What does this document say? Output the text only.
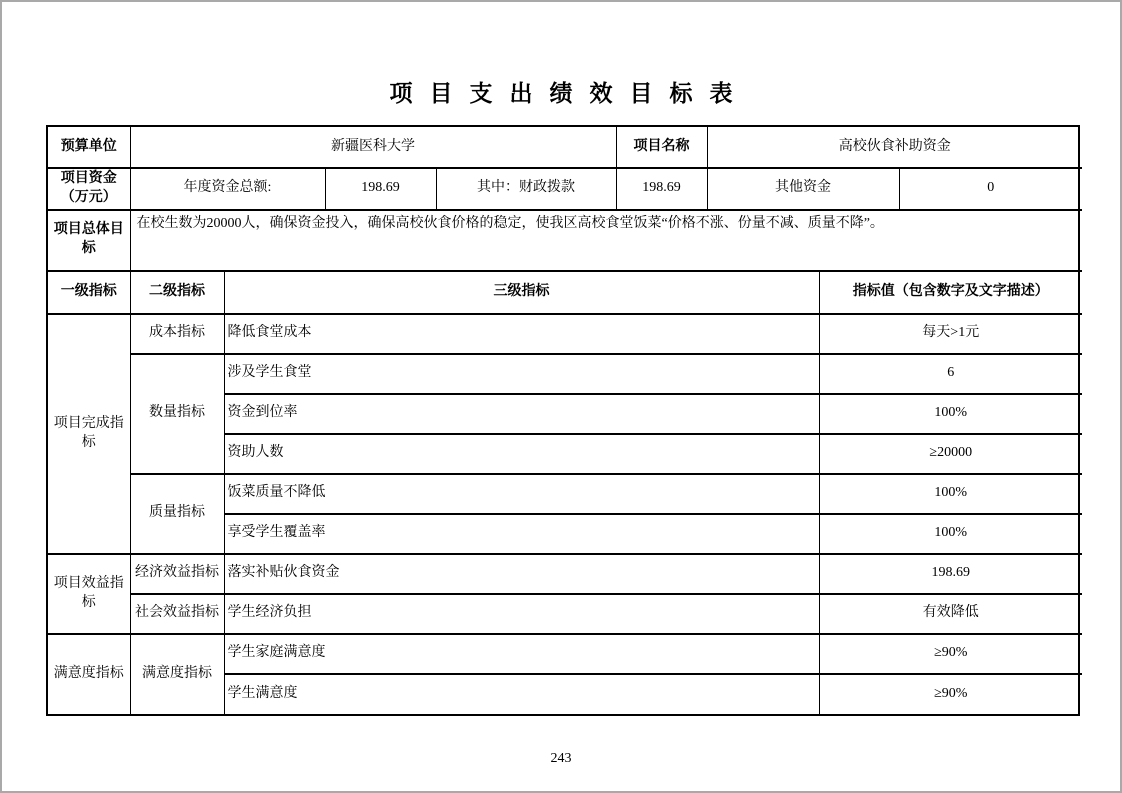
项目支出绩效目标表
预算单位	新疆医科大学			项目名称	高校伙食补助资金	
项目资金（万元）	年度资金总额:	198.69	其中：财政拨款	198.69	其他资金	0
项目总体目标	在校生数为20000人，确保资金投入，确保高校伙食价格的稳定，使我区高校食堂饭菜“价格不涨、份量不减、质量不降”。					
一级指标	二级指标	三级指标	指标值（包含数字及文字描述）
项目完成指标	成本指标	降低食堂成本	每天>1元
	数量指标	涉及学生食堂	6
		资金到位率	100%
		资助人数	≥20000
	质量指标	饭菜质量不降低	100%
		享受学生覆盖率	100%
项目效益指标	经济效益指标	落实补贴伙食资金	198.69
	社会效益指标	学生经济负担	有效降低
满意度指标	满意度指标	学生家庭满意度	≥90%
		学生满意度	≥90%
243
